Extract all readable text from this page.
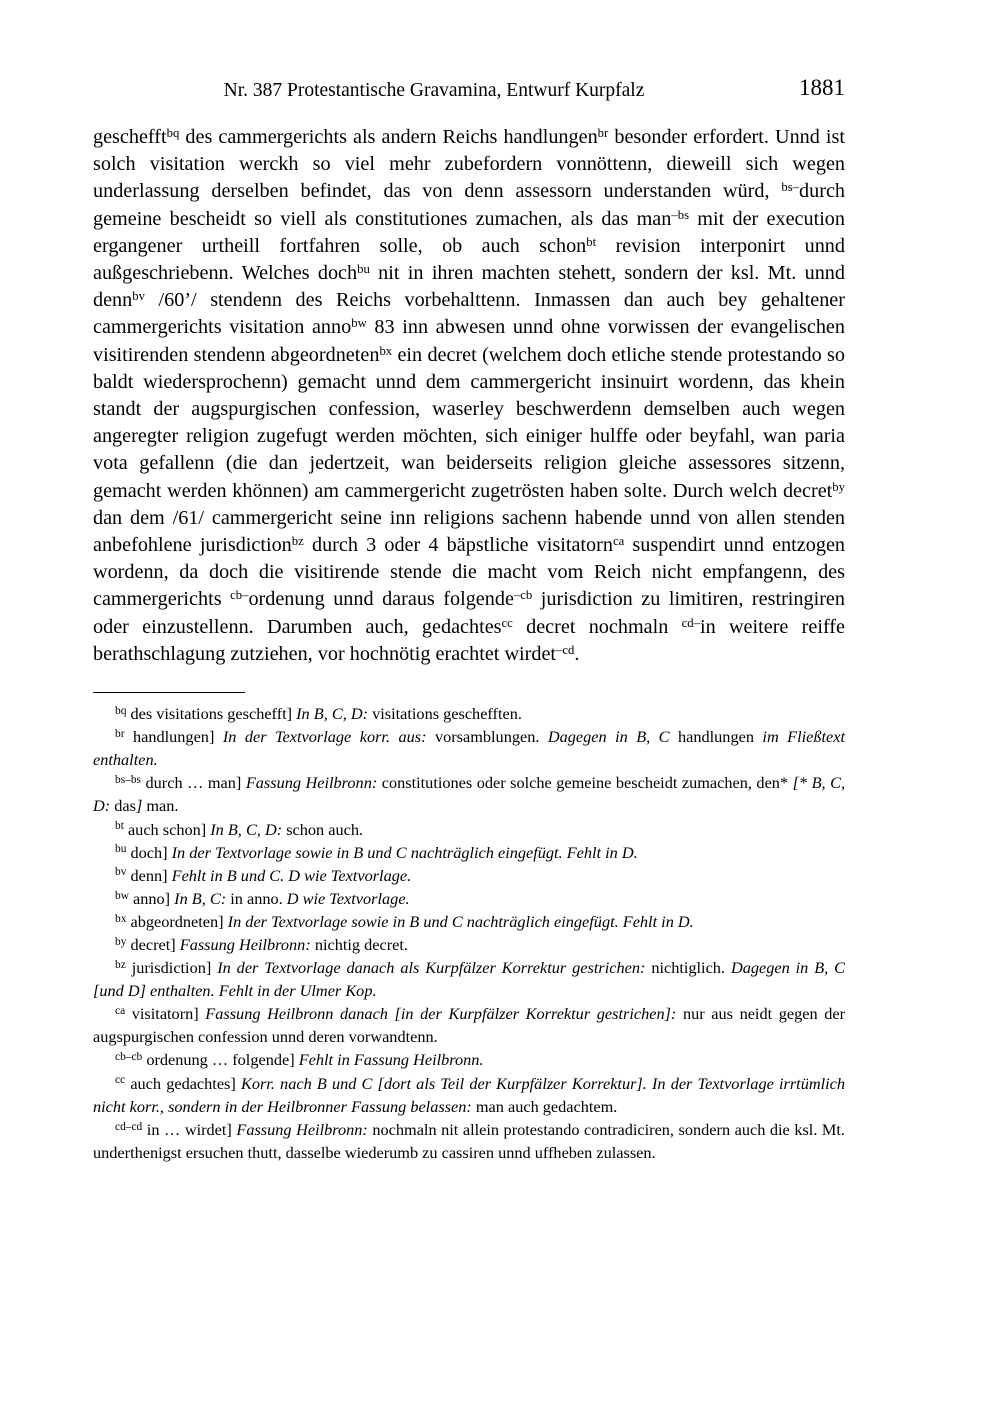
Nr. 387 Protestantische Gravamina, Entwurf Kurpfalz	1881

geschefft$^{bq}$ des cammergerichts als andern Reichs handlungen$^{br}$ besonder erfordert. Unnd ist solch visitation werckh so viel mehr zubefordern vonnöttenn, dieweill sich wegen underlassung derselben befindet, das von denn assessorn understanden würd, $^{bs-}$durch gemeine bescheidt so viell als constitutiones zumachen, als das man$^{-bs}$ mit der execution ergangener urtheill fortfahren solle, ob auch schon$^{bt}$ revision interponirt unnd außgeschriebenn. Welches doch$^{bu}$ nit in ihren machten stehett, sondern der ksl. Mt. unnd denn$^{bv}$ /60’/ stendenn des Reichs vorbehalttenn. Inmassen dan auch bey gehaltener cammergerichts visitation anno$^{bw}$ 83 inn abwesen unnd ohne vorwissen der evangelischen visitirenden stendenn abgeordneten$^{bx}$ ein decret (welchem doch etliche stende protestando so baldt wiedersprochenn) gemacht unnd dem cammergericht insinuirt wordenn, das khein standt der augspurgischen confession, waserley beschwerdenn demselben auch wegen angeregter religion zugefugt werden möchten, sich einiger hulffe oder beyfahl, wan paria vota gefallenn (die dan jedertzeit, wan beiderseits religion gleiche assessores sitzenn, gemacht werden khönnen) am cammergericht zugetrösten haben solte. Durch welch decret$^{by}$ dan dem /61/ cammergericht seine inn religions sachenn habende unnd von allen stenden anbefohlene jurisdiction$^{bz}$ durch 3 oder 4 bäpstliche visitatorn$^{ca}$ suspendirt unnd entzogen wordenn, da doch die visitirende stende die macht vom Reich nicht empfangenn, des cammergerichts $^{cb-}$ordenung unnd daraus folgende$^{-cb}$ jurisdiction zu limitiren, restringiren oder einzustellenn. Darumben auch, gedachtes$^{cc}$ decret nochmaln $^{cd-}$in weitere reiffe berathschlagung zutziehen, vor hochnötig erachtet wirdet$^{-cd}$.

$^{bq}$ des visitations geschefft] In B, C, D: visitations geschefften.

$^{br}$ handlungen] In der Textvorlage korr. aus: vorsamblungen. Dagegen in B, C handlungen im Fließtext enthalten.

$^{bs-bs}$ durch … man] Fassung Heilbronn: constitutiones oder solche gemeine bescheidt zumachen, den* [* B, C, D: das] man.

$^{bt}$ auch schon] In B, C, D: schon auch.

$^{bu}$ doch] In der Textvorlage sowie in B und C nachträglich eingefügt. Fehlt in D.

$^{bv}$ denn] Fehlt in B und C. D wie Textvorlage.

$^{bw}$ anno] In B, C: in anno. D wie Textvorlage.

$^{bx}$ abgeordneten] In der Textvorlage sowie in B und C nachträglich eingefügt. Fehlt in D.

$^{by}$ decret] Fassung Heilbronn: nichtig decret.

$^{bz}$ jurisdiction] In der Textvorlage danach als Kurpfälzer Korrektur gestrichen: nichtiglich. Dagegen in B, C [und D] enthalten. Fehlt in der Ulmer Kop.

$^{ca}$ visitatorn] Fassung Heilbronn danach [in der Kurpfälzer Korrektur gestrichen]: nur aus neidt gegen der augspurgischen confession unnd deren vorwandtenn.

$^{cb-cb}$ ordenung … folgende] Fehlt in Fassung Heilbronn.

$^{cc}$ auch gedachtes] Korr. nach B und C [dort als Teil der Kurpfälzer Korrektur]. In der Textvorlage irrtümlich nicht korr., sondern in der Heilbronner Fassung belassen: man auch gedachtem.

$^{cd-cd}$ in … wirdet] Fassung Heilbronn: nochmaln nit allein protestando contradiciren, sondern auch die ksl. Mt. underthenigst ersuchen thutt, dasselbe wiederumb zu cassiren unnd uffheben zulassen.
